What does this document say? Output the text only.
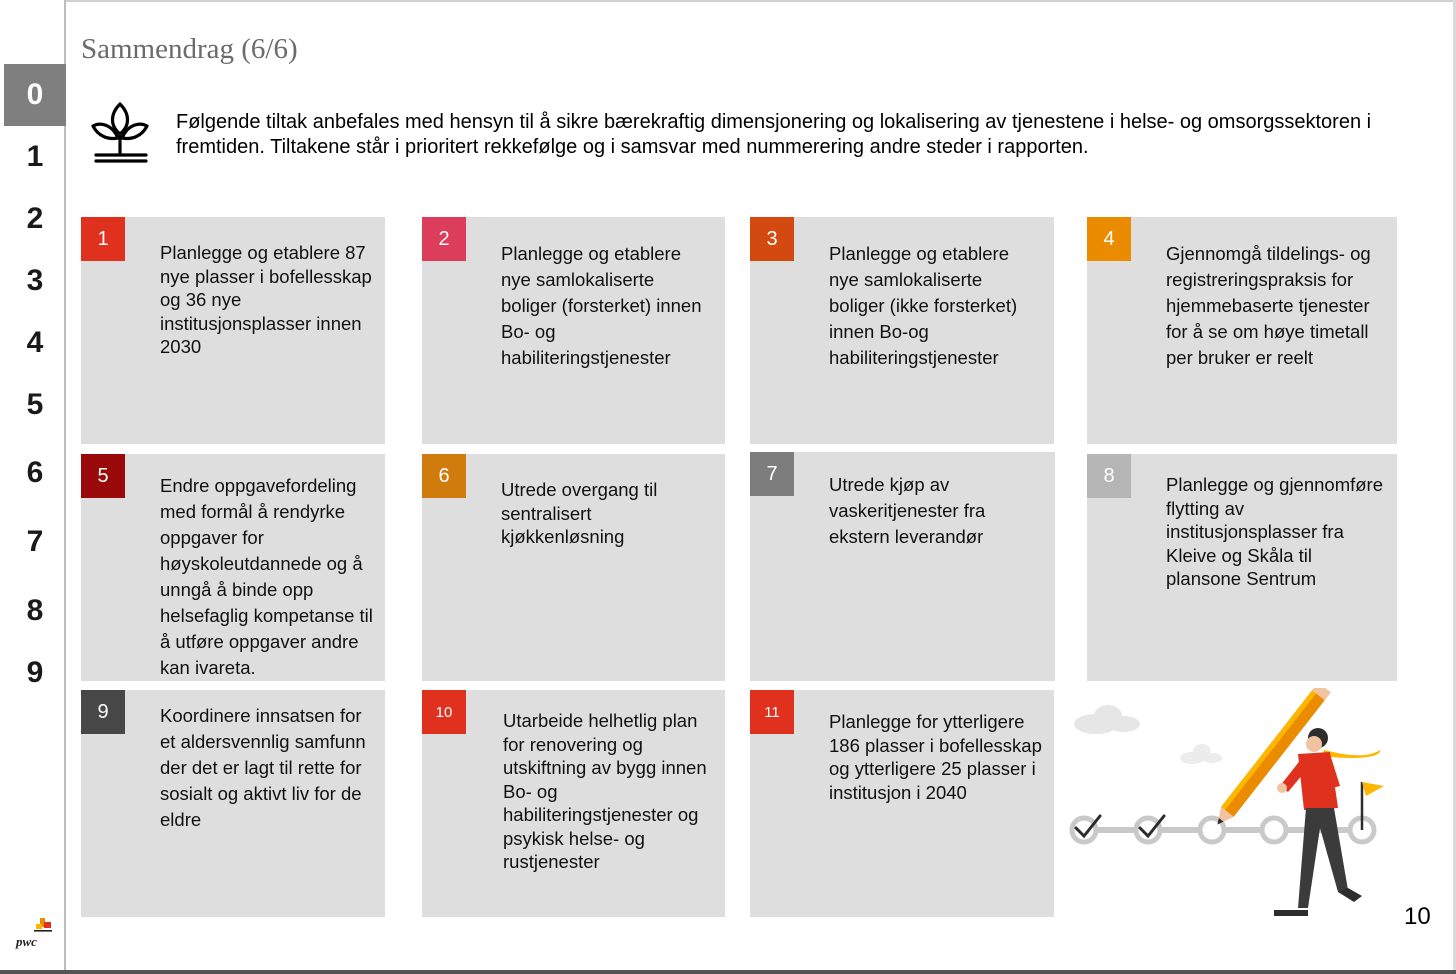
0
1
2
3
4
5
6
7
8
9
pwc
Sammendrag (6/6)
Følgende tiltak anbefales med hensyn til å sikre bærekraftig dimensjonering og lokalisering av tjenestene i helse- og omsorgssektoren i fremtiden. Tiltakene står i prioritert rekkefølge og i samsvar med nummerering andre steder i rapporten.
1
Planlegge og etablere 87 nye plasser i bofellesskap og 36 nye institusjonsplasser innen 2030
2
Planlegge og etablere nye samlokaliserte boliger (forsterket) innen Bo- og habiliteringstjenester
3
Planlegge og etablere nye samlokaliserte boliger (ikke forsterket) innen Bo-og habiliteringstjenester
4
Gjennomgå tildelings- og registreringspraksis for hjemmebaserte tjenester for å se om høye timetall per bruker er reelt
5	Endre oppgavefordeling med formål å rendyrke oppgaver for høyskoleutdannede og å unngå å binde opp helsefaglig kompetanse til å utføre oppgaver andre kan ivareta.
6
Utrede overgang til sentralisert kjøkkenløsning
7	Utrede kjøp av vaskeritjenester fra ekstern leverandør
8	Planlegge og gjennomføre flytting av institusjonsplasser fra Kleive og Skåla til plansone Sentrum
9	Koordinere innsatsen for et aldersvennlig samfunn der det er lagt til rette for sosialt og aktivt liv for de eldre
10	Utarbeide helhetlig plan for renovering og utskiftning av bygg innen Bo- og habiliteringstjenester og psykisk helse- og rustjenester
11	Planlegge for ytterligere 186 plasser i bofellesskap og ytterligere 25 plasser i institusjon i 2040
10
